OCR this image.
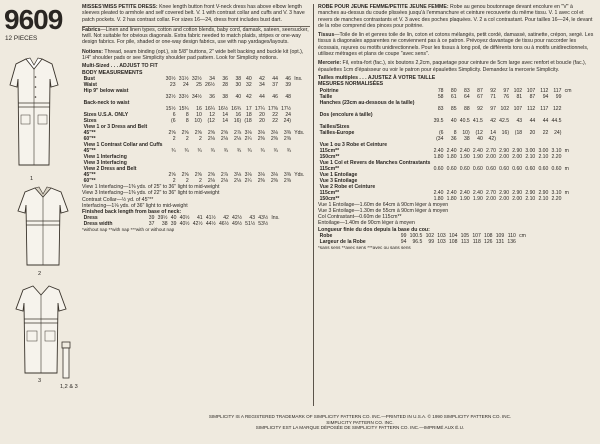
9609
12 PIECES
1
2
3
1,2 & 3
MISSES'/MISS PETITE DRESS: Knee length button front V-neck dress has above elbow length sleeves pleated to armhole and self covered belt. V. 1 with contrast collar and cuffs and V. 3 have patch pockets. V. 2 has contrast collar. For sizes 16—24, dress front includes bust dart.
Fabrics—Linen and linen types, cotton and cotton blends, baby cord, damask, sateen, seersucker, twill. Not suitable for obvious diagonals. Extra fabric needed to match plaids, stripes or one-way design fabrics. For pile, shaded or one-way design fabrics, use with nap yardages/layouts.
Notions: Thread, seam binding (opt.), six 5/8" buttons, 2" wide belt backing and buckle kit (opt.), 1/4" shoulder pads or see Simplicity shoulder pad pattern. Look for Simplicity notions.
Multi-Sized . . . ADJUST TO FIT
BODY MEASUREMENTS
Bust	30½	31½	32½	34	36	38	40	42	44	46	Ins.
Waist	23	24	25	26½	28	30	32	34	37	39	
Hip 9" below waist											
	32½	33½	34½	36	38	40	42	44	46	48	
Back-neck to waist											
	15½	15¾	16	16¼	16½	16¾	17	17¼	17⅜	17½	
Sizes U.S.A. ONLY	6	8	10	12	14	16	18	20	22	24	
Sizes	(6	8	10)	(12	14	16)	(18	20	22	24)	
View 1 or 3 Dress and Belt											
45"**	2⅝	2⅝	2⅝	2⅝	2⅝	2⅞	3⅛	3⅛	3⅛	3⅜	Yds.
60"**	2	2	2	2⅛	2⅛	2⅛	2¼	2⅜	2⅜	2⅜	
View 1 Contrast Collar and Cuffs											
45"**	¾	¾	¾	¾	¾	¾	¾	¾	¾	¾	
View 1 Interfacing											
View 3 Interfacing											
View 2 Dress and Belt											
45"**	2⅝	2⅝	2⅝	2⅝	2⅞	3⅛	3⅛	3⅛	3⅛	3⅜	Yds.
60"**	2	2	2	2⅛	2⅛	2⅛	2¼	2⅜	2⅜	2⅜	
View 1 Interfacing—1⅜ yds. of 25" to 36" light to mid-weight
View 3 Interfacing—1⅜ yds. of 22" to 36" light to mid-weight
Contrast Collar—½ yd. of 45"**
Interfacing—1⅛ yds. of 36" light to mid-weight
Finished back length from base of neck:
Dress	39	39½	40	40½	41	41½	42	42½	43	43½	Ins.
Dress width	37	38	39	40½	42½	44½	46½	49½	51½	53½	
*without nap **with nap ***with or without nap
ROBE POUR JEUNE FEMME/PETITE JEUNE FEMME: Robe au genou boutonnage devant encolure en "V" à manches au-dessus du coude plissées jusqu'à l'emmanchure et ceinture recouverte du même tissu. V. 1 avec col et revers de manches contrastants et V. 3 avec des poches plaquées. V. 2 a col contrastant. Pour tailles 16—24, le devant de la robe comprend des pinces pour poitrine.
Tissus—Toile de lin et genres toile de lin, coton et cotons mélangés, petit cordé, damassé, satinette, crépon, sergé. Les tissus à diagonales apparentes ne conviennent pas à ce patron. Prévoyez davantage de tissu pour raccorder les écossais, rayures ou motifs unidirectionnels. Pour les tissus à long poil, de différents tons ou à motifs unidirectionnels, utilisez métrages et plans de coupe "avec sens".
Mercerie: Fil, extra-fort (fac.), six boutons 2,2cm, paquetage pour ceinture de 5cm large avec renfort et boucle (fac.), épaulettes 1cm d'épaisseur ou voir le patron pour épaulettes Simplicity. Demandez la mercerie Simplicity.
Tailles multiples . . . AJUSTEZ À VOTRE TAILLE
MESURES NORMALISÉES
Poitrine	78	80	83	87	92	97	102	107	112	117	cm
Taille	58	61	64	67	71	76	81	87	94	99	
Hanches (23cm au-dessous de la taille)											
	83	85	88	92	97	102	107	112	117	122	
Dos (encolure à taille)											
	39.5	40	40.5	41.5	42	42.5	43	44	44	44.5	
Tailles/Sizes											
Tailles-Europe	(6	8	10)	(12	14	16)	(18	20	22	24)	
	(34	36	38	40	42)						
Vue 1 ou 3 Robe et Ceinture											
115cm**	2.40	2.40	2.40	2.40	2.70	2.90	2.90	3.00	3.00	3.10	m
150cm**	1.80	1.80	1.90	1.90	2.00	2.00	2.00	2.10	2.10	2.20	
Vue 1 Col et Revers de Manches Contrastants											
115cm**	0.60	0.60	0.60	0.60	0.60	0.60	0.60	0.60	0.60	0.60	m
Vue 1 Entoilage											
Vue 3 Entoilage											
Vue 2 Robe et Ceinture											
115cm**	2.40	2.40	2.40	2.40	2.70	2.90	2.90	2.90	2.90	3.10	m
150cm**	1.80	1.80	1.90	1.90	2.00	2.00	2.00	2.10	2.10	2.20	
Vue 1 Entoilage—1.60m de 64cm à 90cm léger à moyen
Vue 3 Entoilage—1.30m de 55cm à 90cm léger à moyen
Col Contrastant—0.60m de 115cm**
Entoilage—1.40m de 90cm léger à moyen
Longueur finie du dos depuis la base du cou:
Robe	99	100.5	102	103	104	105	107	108	109	110	cm
Largeur de la Robe	94	96.5	99	103	108	113	118	126	131	136	
*sans sens **avec sens ***avec ou sans sens
SIMPLICITY IS A REGISTERED TRADEMARK OF SIMPLICITY PATTERN CO. INC.—PRINTED IN U.S.A. © 1990 SIMPLICITY PATTERN CO. INC.
SIMPLICITY PATTERN CO. INC.
SIMPLICITY EST LA MARQUE DÉPOSÉE DE SIMPLICITY PATTERN CO. INC.—IMPRIMÉ AUX É.U.
